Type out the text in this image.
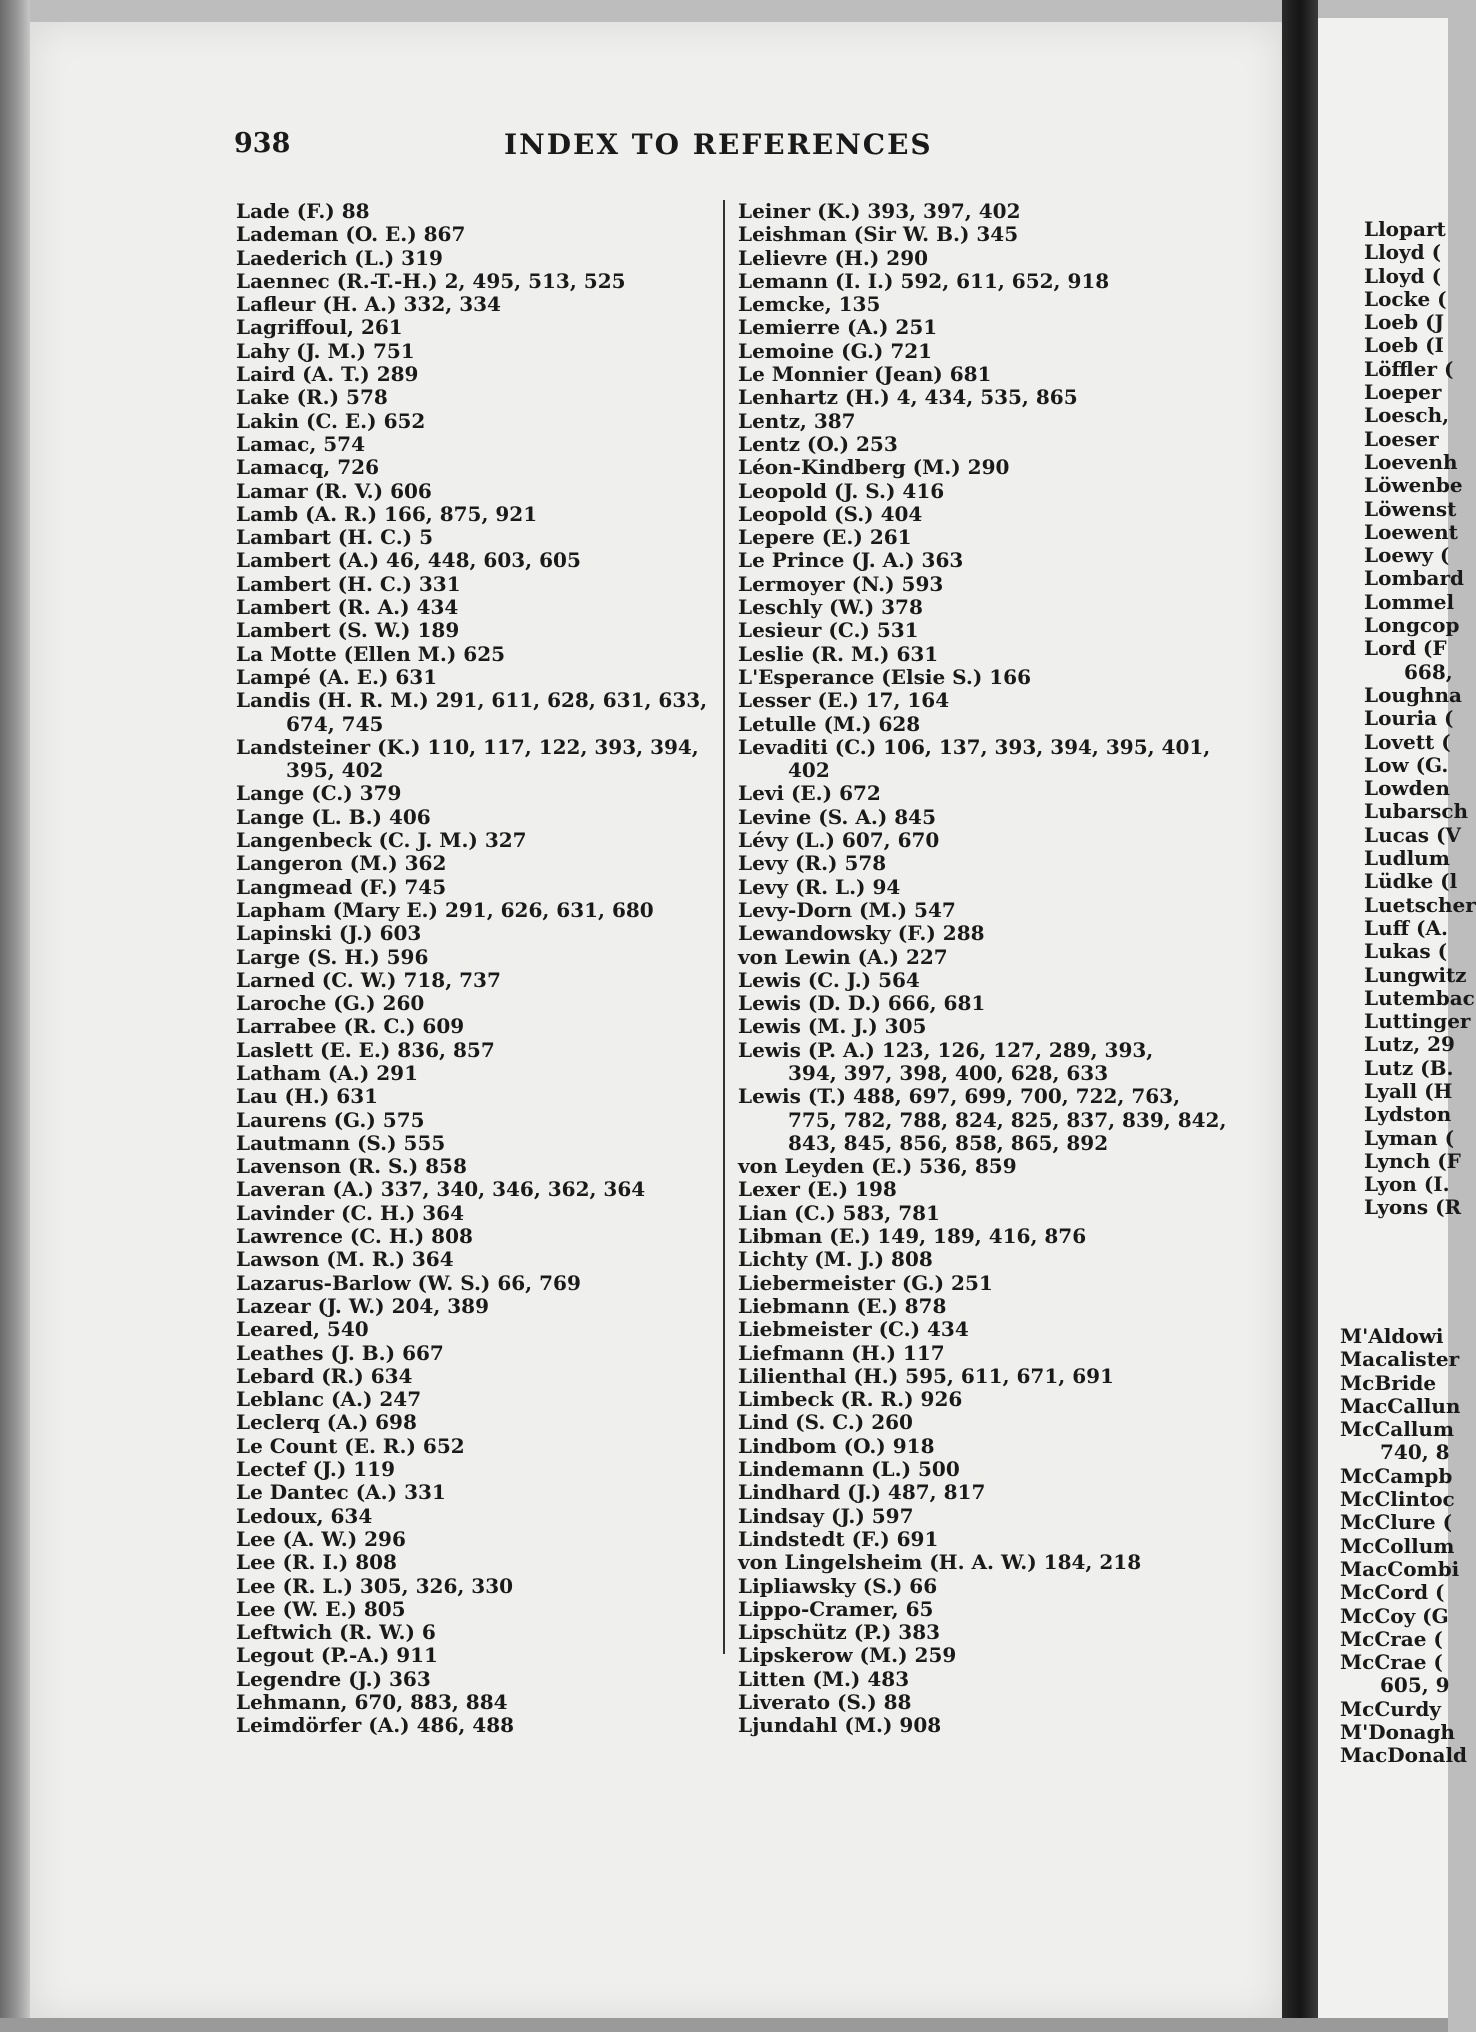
Llopart
Lloyd (
Lloyd (
Locke (
Loeb (J
Loeb (I
Löffler (
Loeper
Loesch,
Loeser
Loevenh
Löwenbe
Löwenst
Loewent
Loewy (
Lombard
Lommel
Longcop
Lord (F
668,
Loughna
Louria (
Lovett (
Low (G.
Lowden
Lubarsch
Lucas (V
Ludlum
Lüdke (l
Luetscher
Luff (A.
Lukas (
Lungwitz
Lutembac
Luttinger
Lutz, 29
Lutz (B.
Lyall (H
Lydston
Lyman (
Lynch (F
Lyon (I.
Lyons (R
M'Aldowi
Macalister
McBride
MacCallun
McCallum
740, 8
McCampb
McClintoc
McClure (
McCollum
MacCombi
McCord (
McCoy (G
McCrae (
McCrae (
605, 9
McCurdy
M'Donagh
MacDonald
938	INDEX TO REFERENCES
Lade (F.) 88
Lademan (O. E.) 867
Laederich (L.) 319
Laennec (R.-T.-H.) 2, 495, 513, 525
Lafleur (H. A.) 332, 334
Lagriffoul, 261
Lahy (J. M.) 751
Laird (A. T.) 289
Lake (R.) 578
Lakin (C. E.) 652
Lamac, 574
Lamacq, 726
Lamar (R. V.) 606
Lamb (A. R.) 166, 875, 921
Lambart (H. C.) 5
Lambert (A.) 46, 448, 603, 605
Lambert (H. C.) 331
Lambert (R. A.) 434
Lambert (S. W.) 189
La Motte (Ellen M.) 625
Lampé (A. E.) 631
Landis (H. R. M.) 291, 611, 628, 631, 633,
674, 745
Landsteiner (K.) 110, 117, 122, 393, 394,
395, 402
Lange (C.) 379
Lange (L. B.) 406
Langenbeck (C. J. M.) 327
Langeron (M.) 362
Langmead (F.) 745
Lapham (Mary E.) 291, 626, 631, 680
Lapinski (J.) 603
Large (S. H.) 596
Larned (C. W.) 718, 737
Laroche (G.) 260
Larrabee (R. C.) 609
Laslett (E. E.) 836, 857
Latham (A.) 291
Lau (H.) 631
Laurens (G.) 575
Lautmann (S.) 555
Lavenson (R. S.) 858
Laveran (A.) 337, 340, 346, 362, 364
Lavinder (C. H.) 364
Lawrence (C. H.) 808
Lawson (M. R.) 364
Lazarus-Barlow (W. S.) 66, 769
Lazear (J. W.) 204, 389
Leared, 540
Leathes (J. B.) 667
Lebard (R.) 634
Leblanc (A.) 247
Leclerq (A.) 698
Le Count (E. R.) 652
Lectef (J.) 119
Le Dantec (A.) 331
Ledoux, 634
Lee (A. W.) 296
Lee (R. I.) 808
Lee (R. L.) 305, 326, 330
Lee (W. E.) 805
Leftwich (R. W.) 6
Legout (P.-A.) 911
Legendre (J.) 363
Lehmann, 670, 883, 884
Leimdörfer (A.) 486, 488
Leiner (K.) 393, 397, 402
Leishman (Sir W. B.) 345
Lelievre (H.) 290
Lemann (I. I.) 592, 611, 652, 918
Lemcke, 135
Lemierre (A.) 251
Lemoine (G.) 721
Le Monnier (Jean) 681
Lenhartz (H.) 4, 434, 535, 865
Lentz, 387
Lentz (O.) 253
Léon-Kindberg (M.) 290
Leopold (J. S.) 416
Leopold (S.) 404
Lepere (E.) 261
Le Prince (J. A.) 363
Lermoyer (N.) 593
Leschly (W.) 378
Lesieur (C.) 531
Leslie (R. M.) 631
L'Esperance (Elsie S.) 166
Lesser (E.) 17, 164
Letulle (M.) 628
Levaditi (C.) 106, 137, 393, 394, 395, 401,
402
Levi (E.) 672
Levine (S. A.) 845
Lévy (L.) 607, 670
Levy (R.) 578
Levy (R. L.) 94
Levy-Dorn (M.) 547
Lewandowsky (F.) 288
von Lewin (A.) 227
Lewis (C. J.) 564
Lewis (D. D.) 666, 681
Lewis (M. J.) 305
Lewis (P. A.) 123, 126, 127, 289, 393,
394, 397, 398, 400, 628, 633
Lewis (T.) 488, 697, 699, 700, 722, 763,
775, 782, 788, 824, 825, 837, 839, 842,
843, 845, 856, 858, 865, 892
von Leyden (E.) 536, 859
Lexer (E.) 198
Lian (C.) 583, 781
Libman (E.) 149, 189, 416, 876
Lichty (M. J.) 808
Liebermeister (G.) 251
Liebmann (E.) 878
Liebmeister (C.) 434
Liefmann (H.) 117
Lilienthal (H.) 595, 611, 671, 691
Limbeck (R. R.) 926
Lind (S. C.) 260
Lindbom (O.) 918
Lindemann (L.) 500
Lindhard (J.) 487, 817
Lindsay (J.) 597
Lindstedt (F.) 691
von Lingelsheim (H. A. W.) 184, 218
Lipliawsky (S.) 66
Lippo-Cramer, 65
Lipschütz (P.) 383
Lipskerow (M.) 259
Litten (M.) 483
Liverato (S.) 88
Ljundahl (M.) 908
